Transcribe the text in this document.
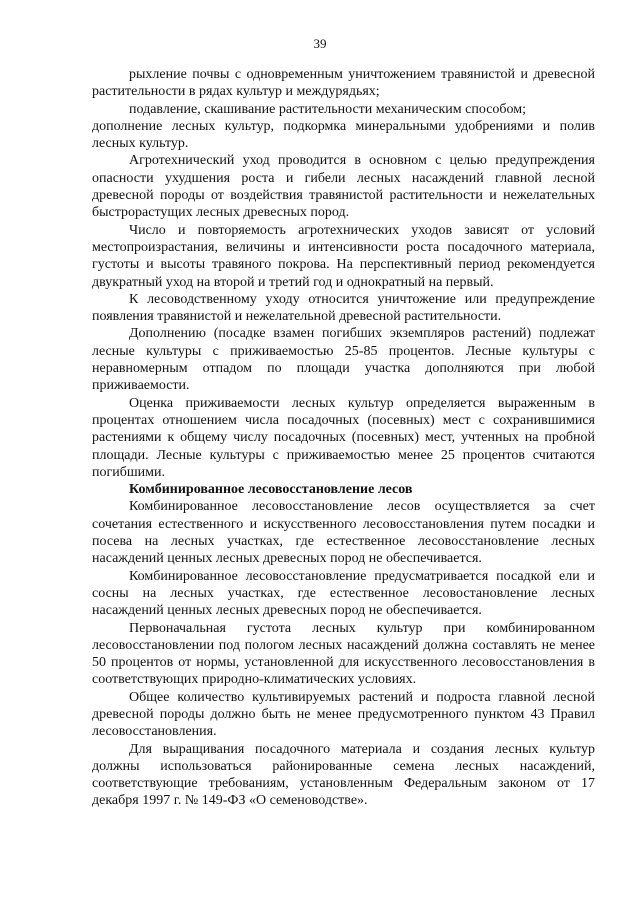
39

рыхление почвы с одновременным уничтожением травянистой и древесной растительности в рядах культур и междурядьях;

подавление, скашивание растительности механическим способом;

дополнение лесных культур, подкормка минеральными удобрениями и полив лесных культур.

Агротехнический уход проводится в основном с целью предупреждения опасности ухудшения роста и гибели лесных насаждений главной лесной древесной породы от воздействия травянистой растительности и нежелательных быстрорастущих лесных древесных пород.

Число и повторяемость агротехнических уходов зависят от условий местопроизрастания, величины и интенсивности роста посадочного материала, густоты и высоты травяного покрова. На перспективный период рекомендуется двукратный уход на второй и третий год и однократный на первый.

К лесоводственному уходу относится уничтожение или предупреждение появления травянистой и нежелательной древесной растительности.

Дополнению (посадке взамен погибших экземпляров растений) подлежат лесные культуры с приживаемостью 25-85 процентов. Лесные культуры с неравномерным отпадом по площади участка дополняются при любой приживаемости.

Оценка приживаемости лесных культур определяется выраженным в процентах отношением числа посадочных (посевных) мест с сохранившимися растениями к общему числу посадочных (посевных) мест, учтенных на пробной площади. Лесные культуры с приживаемостью менее 25 процентов считаются погибшими.

Комбинированное лесовосстановление лесов

Комбинированное лесовосстановление лесов осуществляется за счет сочетания естественного и искусственного лесовосстановления путем посадки и посева на лесных участках, где естественное лесовосстановление лесных насаждений ценных лесных древесных пород не обеспечивается.

Комбинированное лесовосстановление предусматривается посадкой ели и сосны на лесных участках, где естественное лесовостановление лесных насаждений ценных лесных древесных пород не обеспечивается.

Первоначальная густота лесных культур при комбинированном лесовосстановлении под пологом лесных насаждений должна составлять не менее 50 процентов от нормы, установленной для искусственного лесовосстановления в соответствующих природно-климатических условиях.

Общее количество культивируемых растений и подроста главной лесной древесной породы должно быть не менее предусмотренного пунктом 43 Правил лесовосстановления.

Для выращивания посадочного материала и создания лесных культур должны использоваться районированные семена лесных насаждений, соответствующие требованиям, установленным Федеральным законом от 17 декабря 1997 г. № 149-ФЗ «О семеноводстве».
